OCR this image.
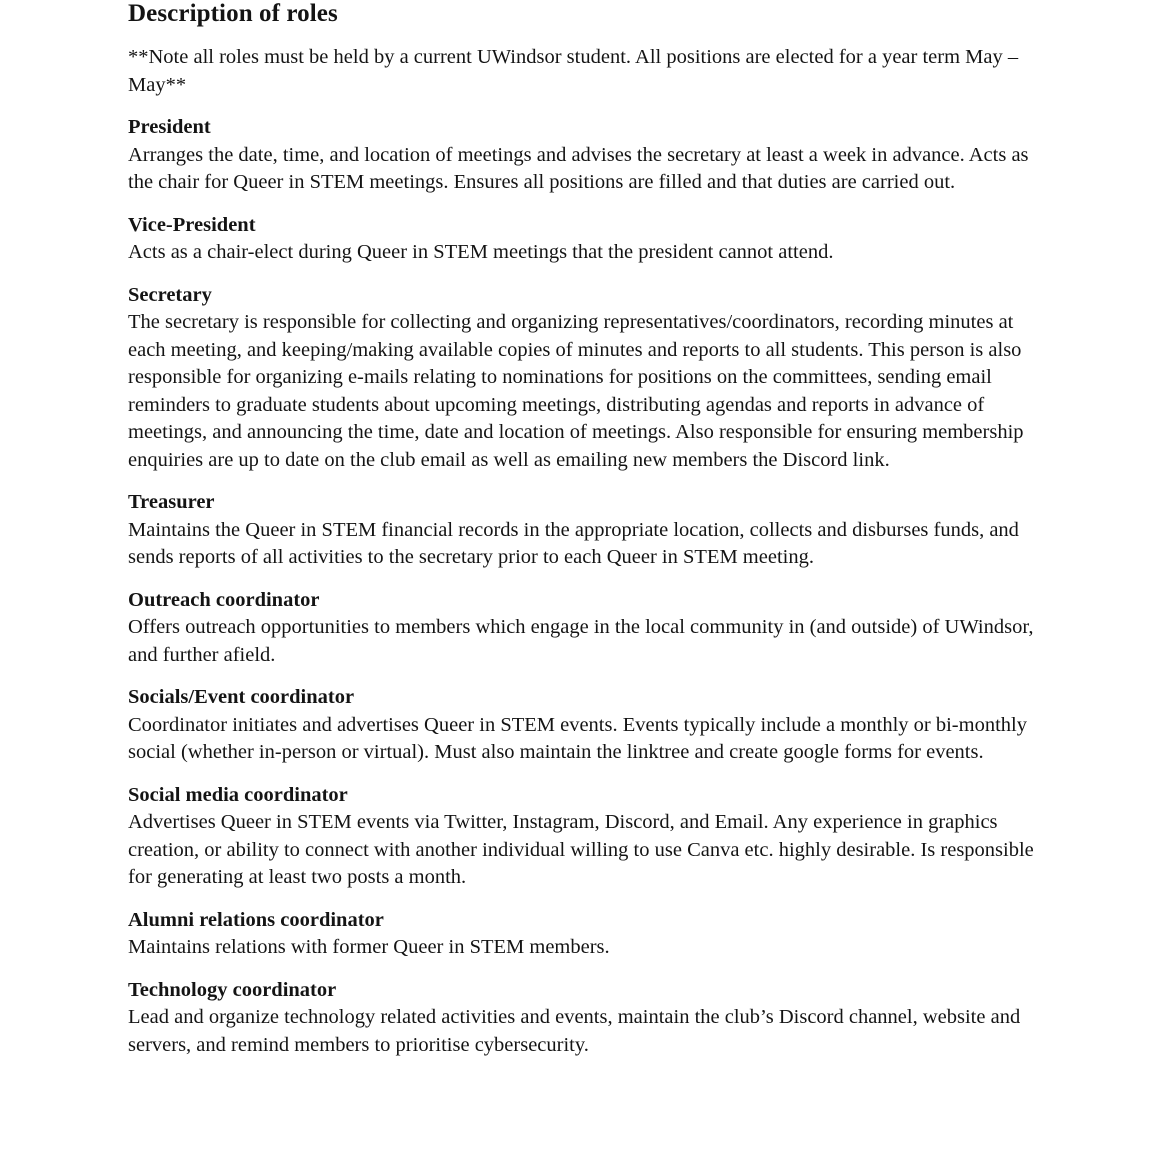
Description of roles

**Note all roles must be held by a current UWindsor student. All positions are elected for a year term May – May**

President

Arranges the date, time, and location of meetings and advises the secretary at least a week in advance. Acts as the chair for Queer in STEM meetings. Ensures all positions are filled and that duties are carried out.

Vice-President

Acts as a chair-elect during Queer in STEM meetings that the president cannot attend.

Secretary

The secretary is responsible for collecting and organizing representatives/coordinators, recording minutes at each meeting, and keeping/making available copies of minutes and reports to all students. This person is also responsible for organizing e-mails relating to nominations for positions on the committees, sending email reminders to graduate students about upcoming meetings, distributing agendas and reports in advance of meetings, and announcing the time, date and location of meetings. Also responsible for ensuring membership enquiries are up to date on the club email as well as emailing new members the Discord link.

Treasurer

Maintains the Queer in STEM financial records in the appropriate location, collects and disburses funds, and sends reports of all activities to the secretary prior to each Queer in STEM meeting.

Outreach coordinator

Offers outreach opportunities to members which engage in the local community in (and outside) of UWindsor, and further afield.

Socials/Event coordinator

Coordinator initiates and advertises Queer in STEM events. Events typically include a monthly or bi-monthly social (whether in-person or virtual). Must also maintain the linktree and create google forms for events.

Social media coordinator

Advertises Queer in STEM events via Twitter, Instagram, Discord, and Email. Any experience in graphics creation, or ability to connect with another individual willing to use Canva etc. highly desirable. Is responsible for generating at least two posts a month.

Alumni relations coordinator

Maintains relations with former Queer in STEM members.

Technology coordinator

Lead and organize technology related activities and events, maintain the club’s Discord channel, website and servers, and remind members to prioritise cybersecurity.
